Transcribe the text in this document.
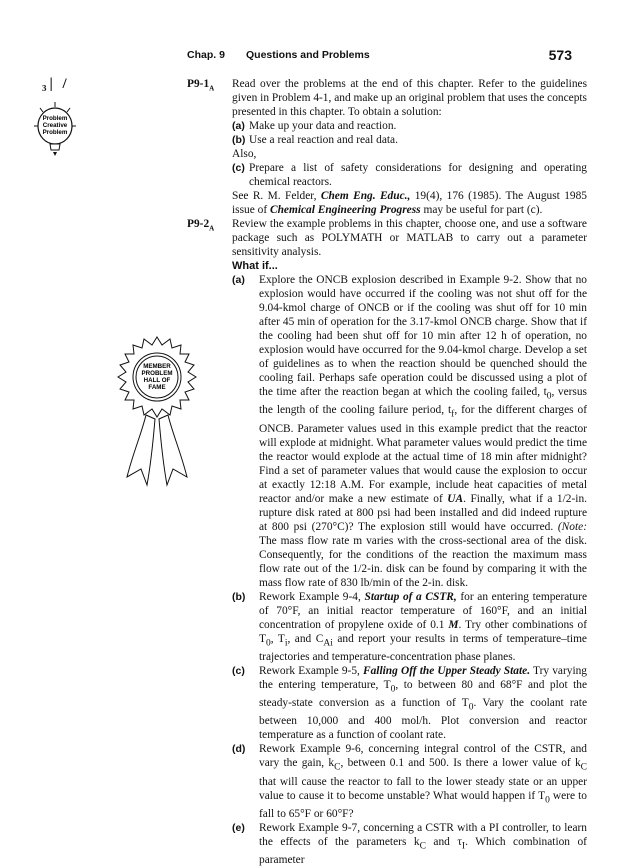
Chap. 9 Questions and Problems	573
₃| /
Problem
Creative
Problem
MEMBER
PROBLEM
HALL OF
FAME
$P9-1_A$ Read over the problems at the end of this chapter. Refer to the guidelines given in Problem 4-1, and make up an original problem that uses the concepts presented in this chapter. To obtain a solution:

(a) Make up your data and reaction.
(b) Use a real reaction and real data.

Also,

(c) Prepare a list of safety considerations for designing and operating chemical reactors.

See R. M. Felder, Chem Eng. Educ., 19(4), 176 (1985). The August 1985 issue of Chemical Engineering Progress may be useful for part (c).

$P9-2_A$ Review the example problems in this chapter, choose one, and use a software package such as POLYMATH or MATLAB to carry out a parameter sensitivity analysis.

What if...

(a) Explore the ONCB explosion described in Example 9-2. Show that no explosion would have occurred if the cooling was not shut off for the 9.04-kmol charge of ONCB or if the cooling was shut off for 10 min after 45 min of operation for the 3.17-kmol ONCB charge. Show that if the cooling had been shut off for 10 min after 12 h of operation, no explosion would have occurred for the 9.04-kmol charge. Develop a set of guidelines as to when the reaction should be quenched should the cooling fail. Perhaps safe operation could be discussed using a plot of the time after the reaction began at which the cooling failed, $t_0$, versus the length of the cooling failure period, $t_f$, for the different charges of ONCB. Parameter values used in this example predict that the reactor will explode at midnight. What parameter values would predict the time the reactor would explode at the actual time of 18 min after midnight? Find a set of parameter values that would cause the explosion to occur at exactly 12:18 A.M. For example, include heat capacities of metal reactor and/or make a new estimate of UA. Finally, what if a 1/2-in. rupture disk rated at 800 psi had been installed and did indeed rupture at 800 psi (270°C)? The explosion still would have occurred. (Note: The mass flow rate m varies with the cross-sectional area of the disk. Consequently, for the conditions of the reaction the maximum mass flow rate out of the 1/2-in. disk can be found by comparing it with the mass flow rate of 830 lb/min of the 2-in. disk.
(b) Rework Example 9-4, Startup of a CSTR, for an entering temperature of 70°F, an initial reactor temperature of 160°F, and an initial concentration of propylene oxide of 0.1 M. Try other combinations of $T_0$, $T_i$, and $C_{Ai}$ and report your results in terms of temperature–time trajectories and temperature-concentration phase planes.
(c) Rework Example 9-5, Falling Off the Upper Steady State. Try varying the entering temperature, $T_0$, to between 80 and 68°F and plot the steady-state conversion as a function of $T_0$. Vary the coolant rate between 10,000 and 400 mol/h. Plot conversion and reactor temperature as a function of coolant rate.
(d) Rework Example 9-6, concerning integral control of the CSTR, and vary the gain, $k_C$, between 0.1 and 500. Is there a lower value of $k_C$ that will cause the reactor to fall to the lower steady state or an upper value to cause it to become unstable? What would happen if $T_0$ were to fall to 65°F or 60°F?
(e) Rework Example 9-7, concerning a CSTR with a PI controller, to learn the effects of the parameters $k_C$ and $\tau_I$. Which combination of parameter
